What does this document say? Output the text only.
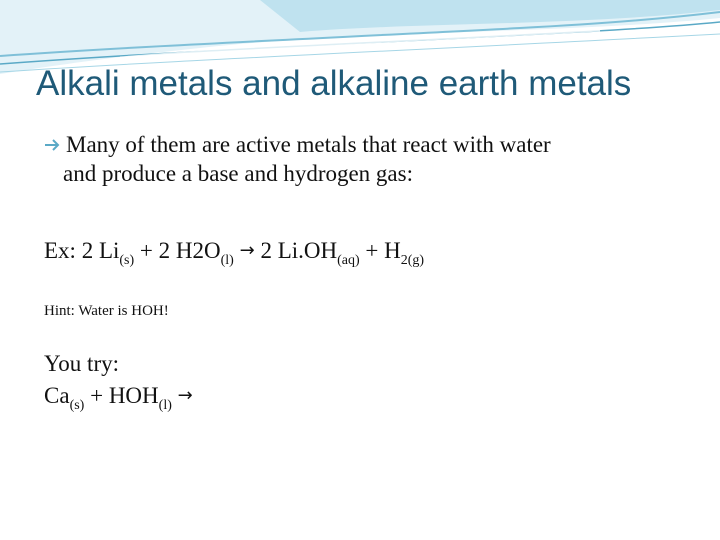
Alkali metals and alkaline earth metals
Many of them are active metals that react with water
and produce a base and hydrogen gas:
Ex: 2 $Li_{(s)} + 2$ $H2O_{(l)} \to 2$ $Li.OH_{(aq)} + H_{2(g)}$
Hint: Water is HOH!
You try:
$Ca_{(s)} + HOH_{(l)}$ →
